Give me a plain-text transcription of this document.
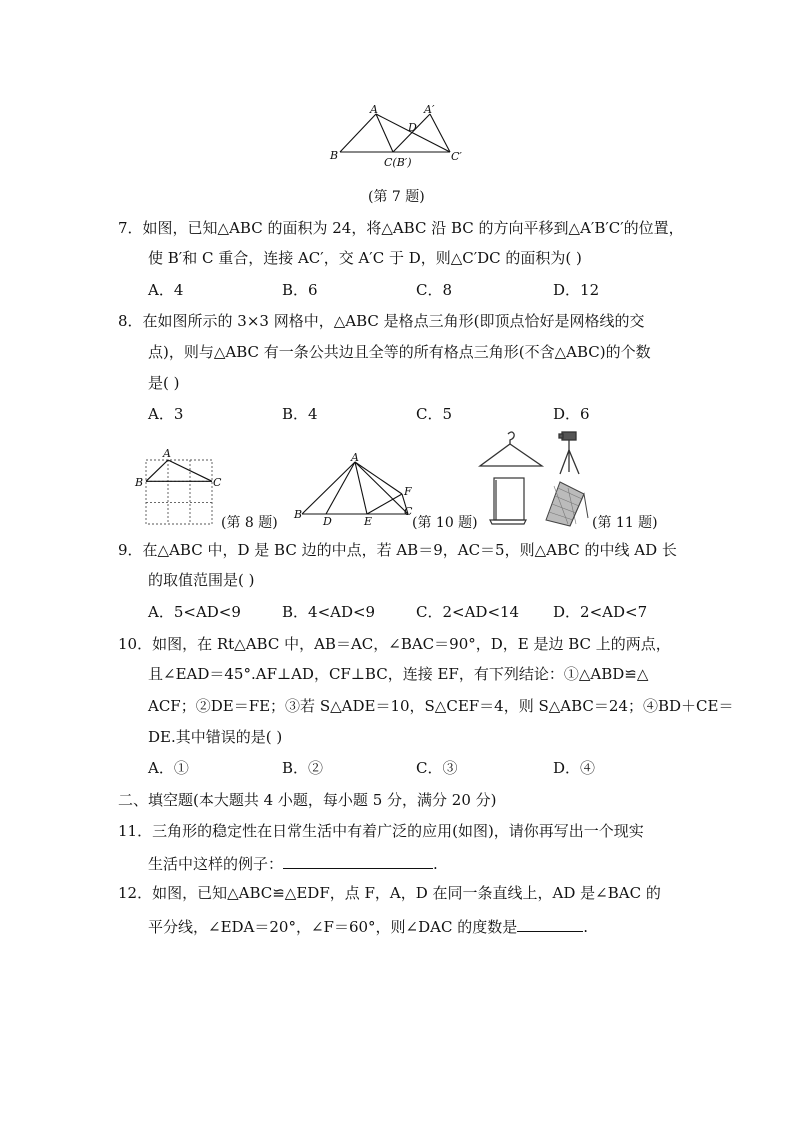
A	A′
D
B
C(B′)	C′
(第 7 题)
7．如图，已知△ABC 的面积为 24，将△ABC 沿 BC 的方向平移到△A′B′C′的位置，
使 B′和 C 重合，连接 AC′，交 A′C 于 D，则△C′DC 的面积为( )
A．4	B．6	C．8	D．12
8．在如图所示的 3×3 网格中，△ABC 是格点三角形(即顶点恰好是网格线的交
点)，则与△ABC 有一条公共边且全等的所有格点三角形(不含△ABC)的个数
是( )
A．3	B．4	C．5	D．6
A
B	C
(第 8 题)
A
B
D	E
C
F
(第 10 题)	(第 11 题)
9．在△ABC 中，D 是 BC 边的中点，若 AB＝9，AC＝5，则△ABC 的中线 AD 长
的取值范围是( )
A．5<AD<9	B．4<AD<9	C．2<AD<14 D．2<AD<7
10．如图，在 Rt△ABC 中，AB＝AC，∠BAC＝90°，D，E 是边 BC 上的两点，
且∠EAD＝45°.AF⊥AD，CF⊥BC，连接 EF，有下列结论：①△ABD≌△
ACF；②DE＝FE；③若 S△ADE＝10，S△CEF＝4，则 S△ABC＝24；④BD＋CE＝
DE.其中错误的是( )
A．①	B．②	C．③	D．④
二、填空题(本大题共 4 小题，每小题 5 分，满分 20 分)
11．三角形的稳定性在日常生活中有着广泛的应用(如图)，请你再写出一个现实
生活中这样的例子：	.
12．如图，已知△ABC≌△EDF，点 F，A，D 在同一条直线上，AD 是∠BAC 的
平分线，∠EDA＝20°，∠F＝60°，则∠DAC 的度数是	.
